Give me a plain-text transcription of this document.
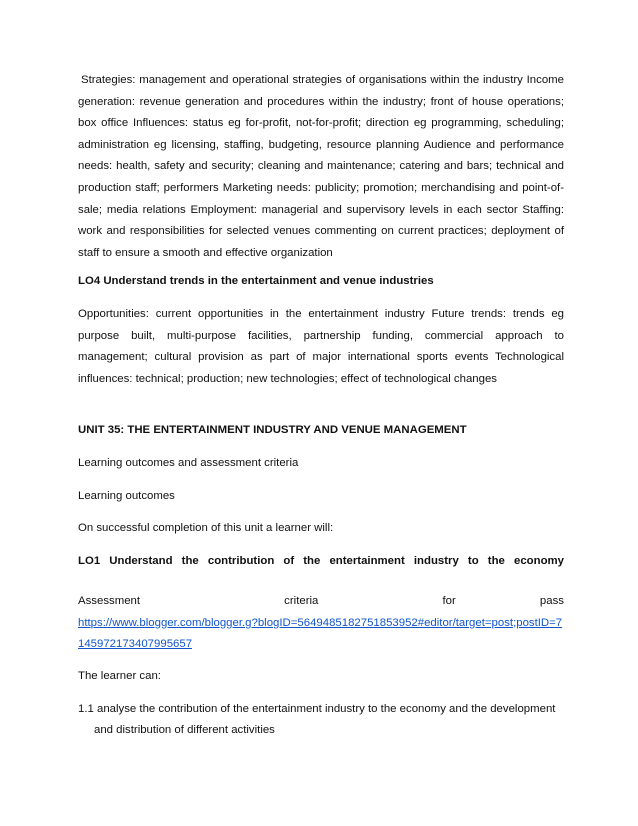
Strategies: management and operational strategies of organisations within the industry Income generation: revenue generation and procedures within the industry; front of house operations; box office Influences: status eg for-profit, not-for-profit; direction eg programming, scheduling; administration eg licensing, staffing, budgeting, resource planning Audience and performance needs: health, safety and security; cleaning and maintenance; catering and bars; technical and production staff; performers Marketing needs: publicity; promotion; merchandising and point-of-sale; media relations Employment: managerial and supervisory levels in each sector Staffing: work and responsibilities for selected venues commenting on current practices; deployment of staff to ensure a smooth and effective organization

LO4 Understand trends in the entertainment and venue industries

Opportunities: current opportunities in the entertainment industry Future trends: trends eg purpose built, multi-purpose facilities, partnership funding, commercial approach to management; cultural provision as part of major international sports events Technological influences: technical; production; new technologies; effect of technological changes

UNIT 35: THE ENTERTAINMENT INDUSTRY AND VENUE MANAGEMENT

Learning outcomes and assessment criteria

Learning outcomes

On successful completion of this unit a learner will:

LO1 Understand the contribution of the entertainment industry to the economy

Assessment	criteria	for	pass

https://www.blogger.com/blogger.g?blogID=5649485182751853952#editor/target=post;postID=7145972173407995657

The learner can:

1.1 analyse the contribution of the entertainment industry to the economy and the development and distribution of different activities
